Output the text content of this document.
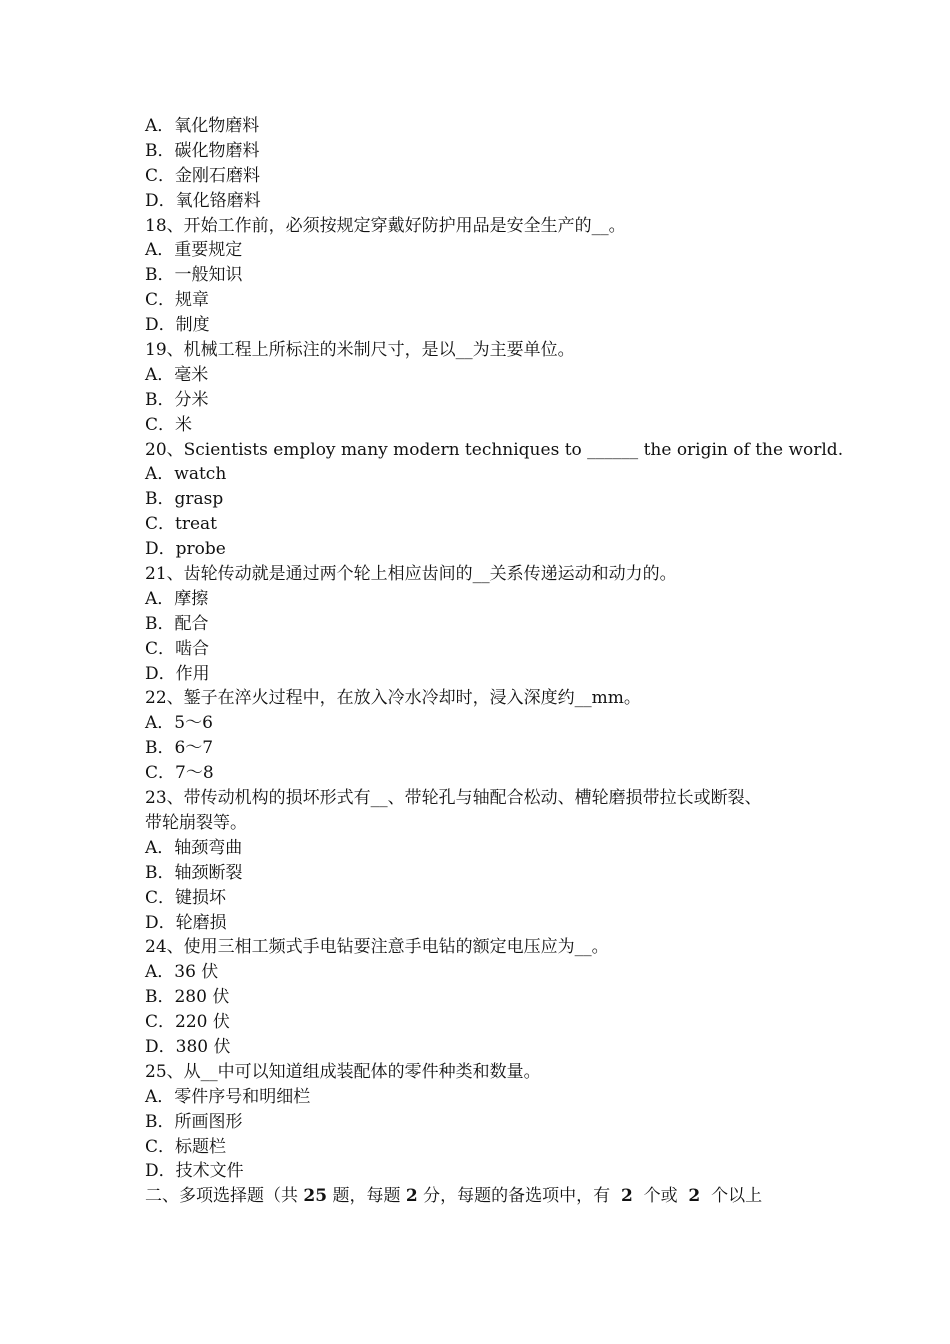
A．氧化物磨料
B．碳化物磨料
C．金刚石磨料
D．氧化铬磨料
18、开始工作前，必须按规定穿戴好防护用品是安全生产的__。
A．重要规定
B．一般知识
C．规章
D．制度
19、机械工程上所标注的米制尺寸，是以__为主要单位。
A．毫米
B．分米
C．米
20、Scientists employ many modern techniques to ______ the origin of the world.
A．watch
B．grasp
C．treat
D．probe
21、齿轮传动就是通过两个轮上相应齿间的__关系传递运动和动力的。
A．摩擦
B．配合
C．啮合
D．作用
22、錾子在淬火过程中，在放入冷水冷却时，浸入深度约__mm。
A．5～6
B．6～7
C．7～8
23、带传动机构的损坏形式有__、带轮孔与轴配合松动、槽轮磨损带拉长或断裂、
带轮崩裂等。
A．轴颈弯曲
B．轴颈断裂
C．键损坏
D．轮磨损
24、使用三相工频式手电钻要注意手电钻的额定电压应为__。
A．36 伏
B．280 伏
C．220 伏
D．380 伏
25、从__中可以知道组成装配体的零件种类和数量。
A．零件序号和明细栏
B．所画图形
C．标题栏
D．技术文件
二、多项选择题（共 25 题，每题 2 分，每题的备选项中，有  2  个或  2  个以上
